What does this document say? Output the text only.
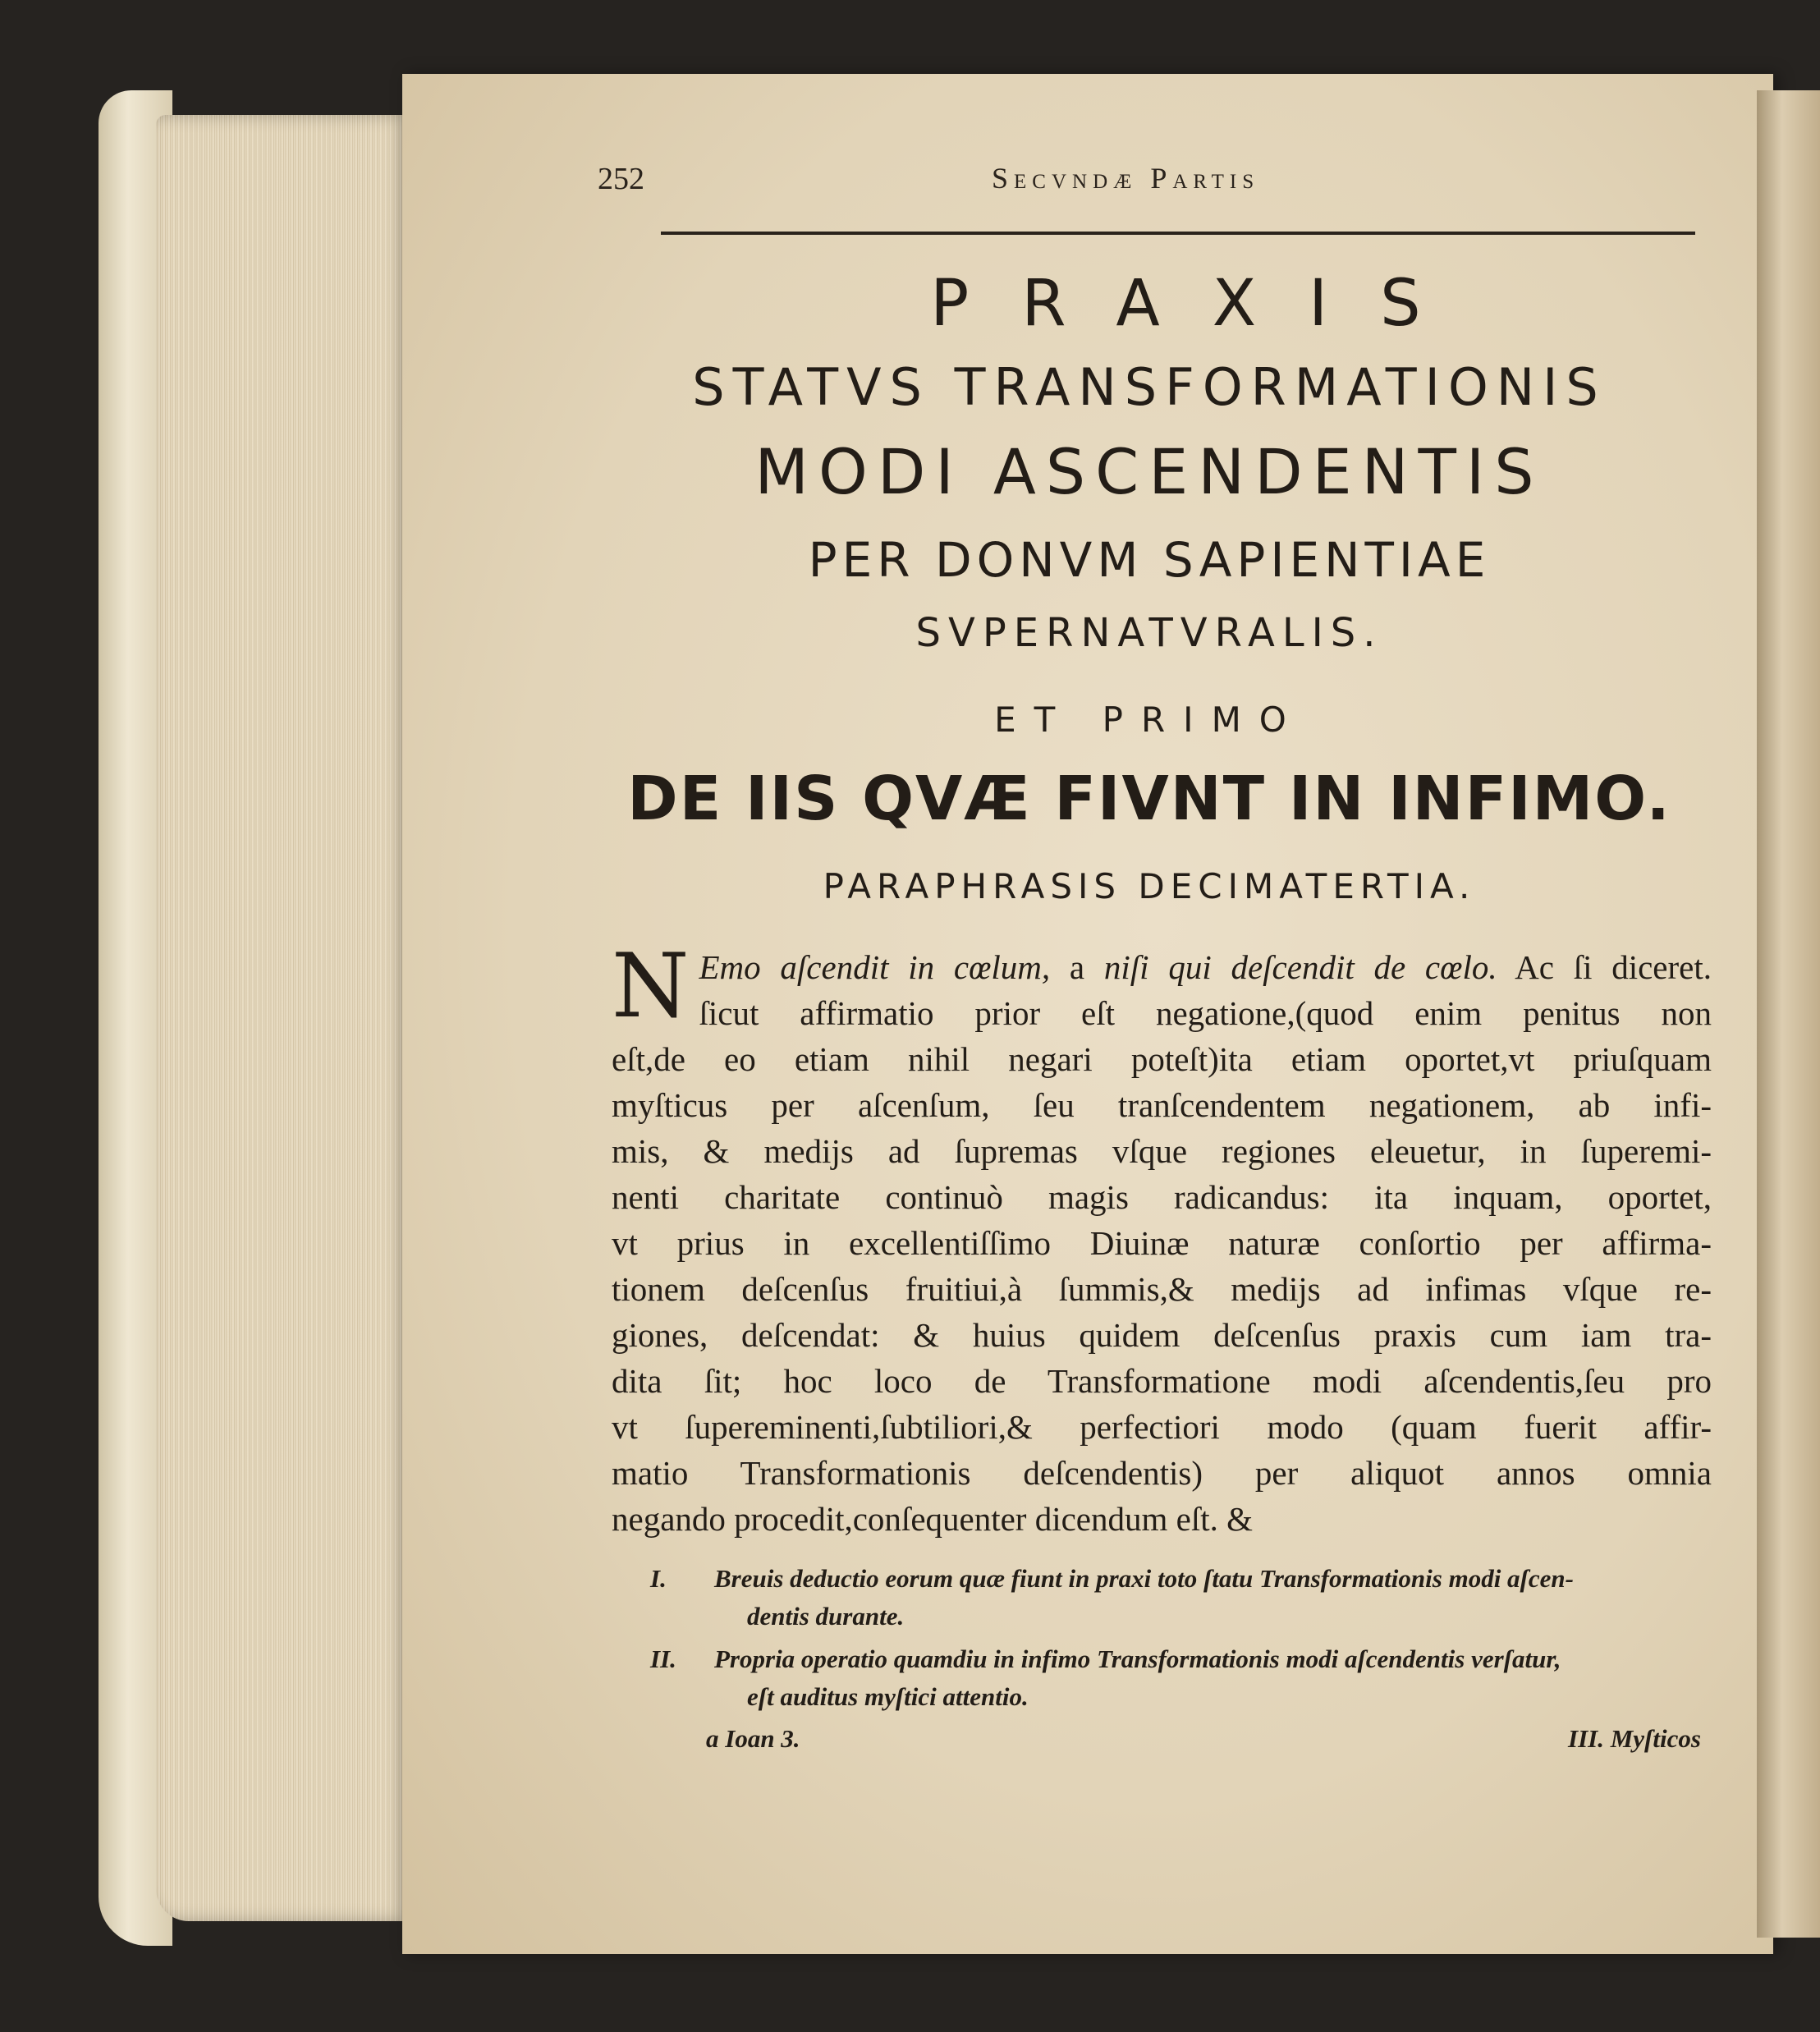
252	Secvndæ Partis
PRAXIS
STATVS TRANSFORMATIONIS
MODI ASCENDENTIS
PER DONVM SAPIENTIAE
SVPERNATVRALIS.
ET PRIMO
DE IIS QVÆ FIVNT IN INFIMO.
PARAPHRASIS DECIMATERTIA.
N Emo aſcendit in cœlum, a niſi qui deſcendit de cœlo. Ac ſi diceret.
ſicut affirmatio prior eſt negatione,(quod enim penitus non
eſt,de eo etiam nihil negari poteſt)ita etiam oportet,vt priuſquam
myſticus per aſcenſum, ſeu tranſcendentem negationem, ab infi-
mis, & medijs ad ſupremas vſque regiones eleuetur, in ſuperemi-
nenti charitate continuò magis radicandus: ita inquam, oportet,
vt prius in excellentiſſimo Diuinæ naturæ conſortio per affirma-
tionem deſcenſus fruitiui,à ſummis,& medijs ad infimas vſque re-
giones, deſcendat: & huius quidem deſcenſus praxis cum iam tra-
dita ſit; hoc loco de Transformatione modi aſcendentis,ſeu pro
vt ſupereminenti,ſubtiliori,& perfectiori modo (quam fuerit affir-
matio Transformationis deſcendentis) per aliquot annos omnia
negando procedit,conſequenter dicendum eſt. &
I. Breuis deductio eorum quæ fiunt in praxi toto ſtatu Transformationis modi aſcen-
dentis durante.
II. Propria operatio quamdiu in infimo Transformationis modi aſcendentis verſatur,
eſt auditus myſtici attentio.
a Ioan 3.	III. Myſticos
